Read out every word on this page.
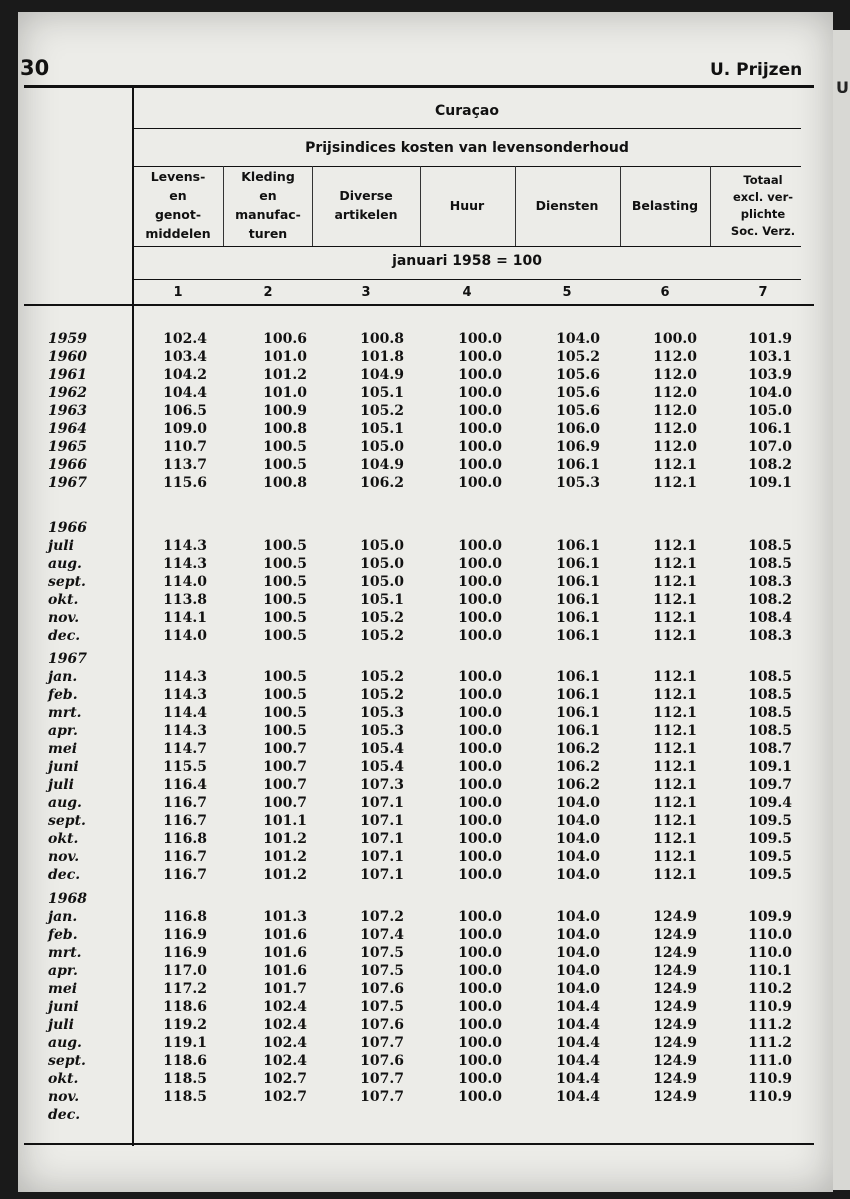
U
30	U. Prijzen
Curaçao
Prijsindices kosten van levensonderhoud
januari 1958 = 100
Levens-
en
genot-
middelen
1
Kleding
en
manufac-
turen
2
Diverse
artikelen
3
Huur
4
Diensten
5
Belasting
6
Totaal
excl. ver-
plichte
Soc. Verz.
7
1959	102.4	100.6	100.8	100.0	104.0	100.0	101.9
1960	103.4	101.0	101.8	100.0	105.2	112.0	103.1
1961	104.2	101.2	104.9	100.0	105.6	112.0	103.9
1962	104.4	101.0	105.1	100.0	105.6	112.0	104.0
1963	106.5	100.9	105.2	100.0	105.6	112.0	105.0
1964	109.0	100.8	105.1	100.0	106.0	112.0	106.1
1965	110.7	100.5	105.0	100.0	106.9	112.0	107.0
1966	113.7	100.5	104.9	100.0	106.1	112.1	108.2
1967	115.6	100.8	106.2	100.0	105.3	112.1	109.1
1966
juli	114.3	100.5	105.0	100.0	106.1	112.1	108.5
aug.	114.3	100.5	105.0	100.0	106.1	112.1	108.5
sept.	114.0	100.5	105.0	100.0	106.1	112.1	108.3
okt.	113.8	100.5	105.1	100.0	106.1	112.1	108.2
nov.	114.1	100.5	105.2	100.0	106.1	112.1	108.4
dec.	114.0	100.5	105.2	100.0	106.1	112.1	108.3
1967
jan.	114.3	100.5	105.2	100.0	106.1	112.1	108.5
feb.	114.3	100.5	105.2	100.0	106.1	112.1	108.5
mrt.	114.4	100.5	105.3	100.0	106.1	112.1	108.5
apr.	114.3	100.5	105.3	100.0	106.1	112.1	108.5
mei	114.7	100.7	105.4	100.0	106.2	112.1	108.7
juni	115.5	100.7	105.4	100.0	106.2	112.1	109.1
juli	116.4	100.7	107.3	100.0	106.2	112.1	109.7
aug.	116.7	100.7	107.1	100.0	104.0	112.1	109.4
sept.	116.7	101.1	107.1	100.0	104.0	112.1	109.5
okt.	116.8	101.2	107.1	100.0	104.0	112.1	109.5
nov.	116.7	101.2	107.1	100.0	104.0	112.1	109.5
dec.	116.7	101.2	107.1	100.0	104.0	112.1	109.5
1968
jan.	116.8	101.3	107.2	100.0	104.0	124.9	109.9
feb.	116.9	101.6	107.4	100.0	104.0	124.9	110.0
mrt.	116.9	101.6	107.5	100.0	104.0	124.9	110.0
apr.	117.0	101.6	107.5	100.0	104.0	124.9	110.1
mei	117.2	101.7	107.6	100.0	104.0	124.9	110.2
juni	118.6	102.4	107.5	100.0	104.4	124.9	110.9
juli	119.2	102.4	107.6	100.0	104.4	124.9	111.2
aug.	119.1	102.4	107.7	100.0	104.4	124.9	111.2
sept.	118.6	102.4	107.6	100.0	104.4	124.9	111.0
okt.	118.5	102.7	107.7	100.0	104.4	124.9	110.9
nov.	118.5	102.7	107.7	100.0	104.4	124.9	110.9
dec.
